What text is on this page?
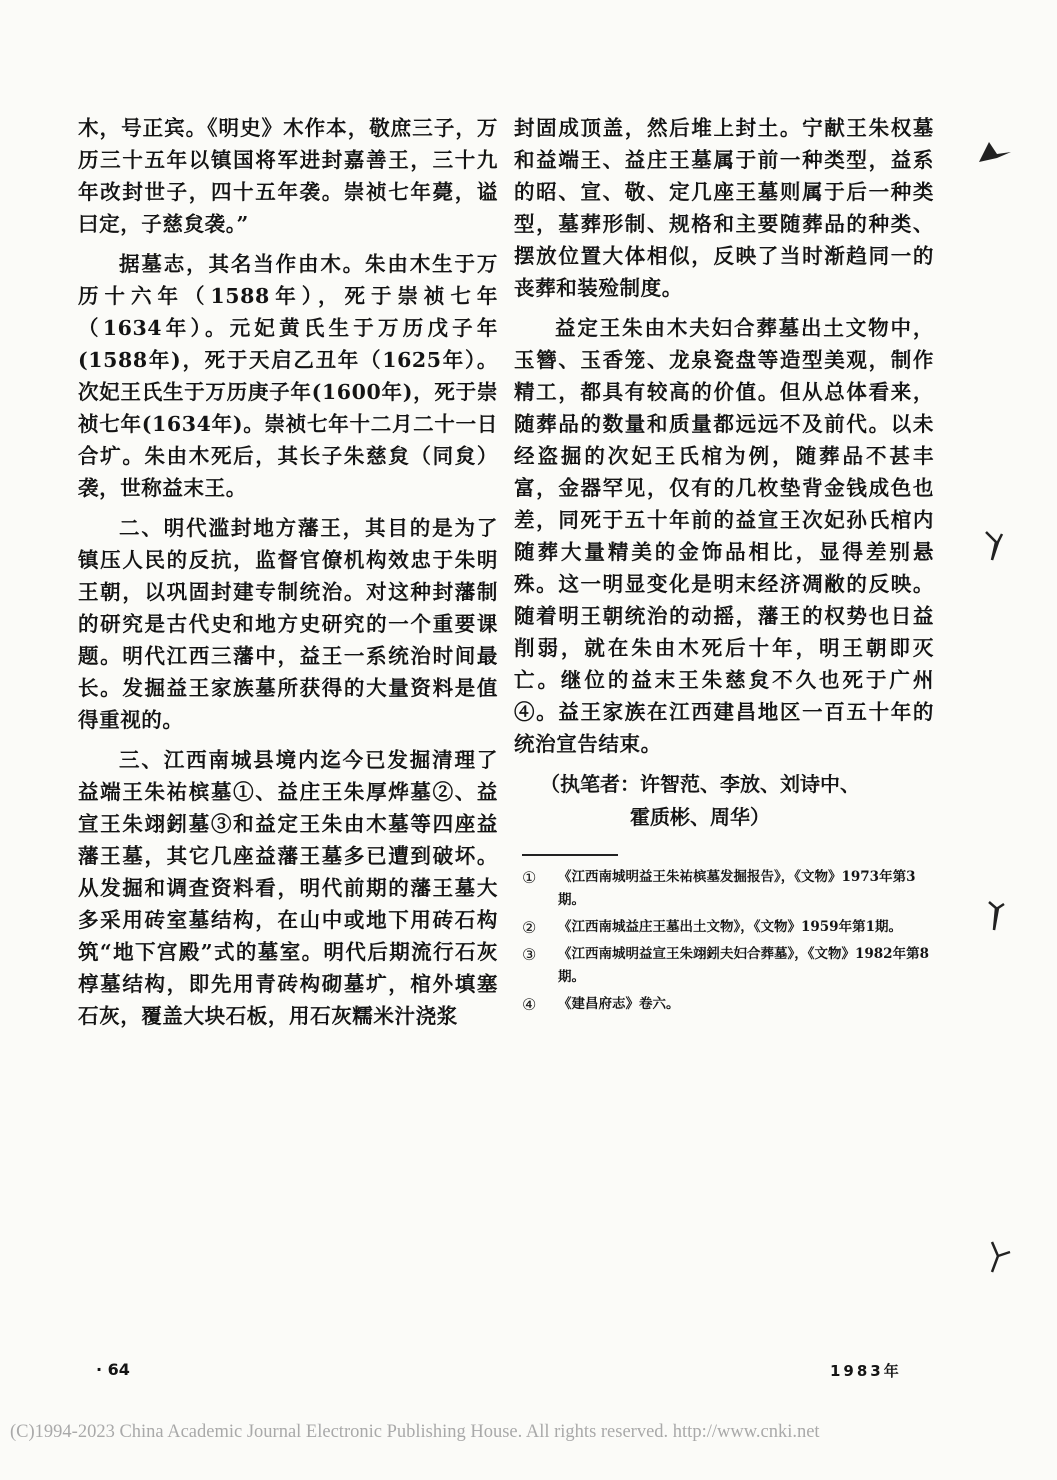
木，号正宾。《明史》木作本，敬庶三子，万历三十五年以镇国将军进封嘉善王，三十九年改封世子，四十五年袭。崇祯七年薨，谥曰定，子慈炱袭。”

据墓志，其名当作由木。朱由木生于万历十六年（1588年），死于崇祯七年（1634年）。元妃黄氏生于万历戊子年(1588年)，死于天启乙丑年（1625年）。次妃王氏生于万历庚子年(1600年)，死于崇祯七年(1634年)。崇祯七年十二月二十一日合圹。朱由木死后，其长子朱慈炱（同炱）袭，世称益末王。

二、明代滥封地方藩王，其目的是为了镇压人民的反抗，监督官僚机构效忠于朱明王朝，以巩固封建专制统治。对这种封藩制的研究是古代史和地方史研究的一个重要课题。明代江西三藩中，益王一系统治时间最长。发掘益王家族墓所获得的大量资料是值得重视的。

三、江西南城县境内迄今已发掘清理了益端王朱祐槟墓①、益庄王朱厚烨墓②、益宣王朱翊鈏墓③和益定王朱由木墓等四座益藩王墓，其它几座益藩王墓多已遭到破坏。从发掘和调查资料看，明代前期的藩王墓大多采用砖室墓结构，在山中或地下用砖石构筑“地下宫殿”式的墓室。明代后期流行石灰椁墓结构，即先用青砖构砌墓圹，棺外填塞石灰，覆盖大块石板，用石灰糯米汁浇浆

封固成顶盖，然后堆上封土。宁献王朱权墓和益端王、益庄王墓属于前一种类型，益系的昭、宣、敬、定几座王墓则属于后一种类型，墓葬形制、规格和主要随葬品的种类、摆放位置大体相似，反映了当时渐趋同一的丧葬和装殓制度。

益定王朱由木夫妇合葬墓出土文物中，玉簪、玉香笼、龙泉瓷盘等造型美观，制作精工，都具有较高的价值。但从总体看来，随葬品的数量和质量都远远不及前代。以未经盗掘的次妃王氏棺为例，随葬品不甚丰富，金器罕见，仅有的几枚垫背金钱成色也差，同死于五十年前的益宣王次妃孙氏棺内随葬大量精美的金饰品相比，显得差别悬殊。这一明显变化是明末经济凋敝的反映。随着明王朝统治的动摇，藩王的权势也日益削弱，就在朱由木死后十年，明王朝即灭亡。继位的益末王朱慈炱不久也死于广州④。益王家族在江西建昌地区一百五十年的统治宣告结束。

（执笔者：许智范、李放、刘诗中、
霍质彬、周华）
①	《江西南城明益王朱祐槟墓发掘报告》，《文物》1973年第3期。
②	《江西南城益庄王墓出土文物》，《文物》1959年第1期。
③	《江西南城明益宣王朱翊鈏夫妇合葬墓》，《文物》1982年第8期。
④	《建昌府志》卷六。
· 64	1983年
(C)1994-2023 China Academic Journal Electronic Publishing House. All rights reserved. http://www.cnki.net
